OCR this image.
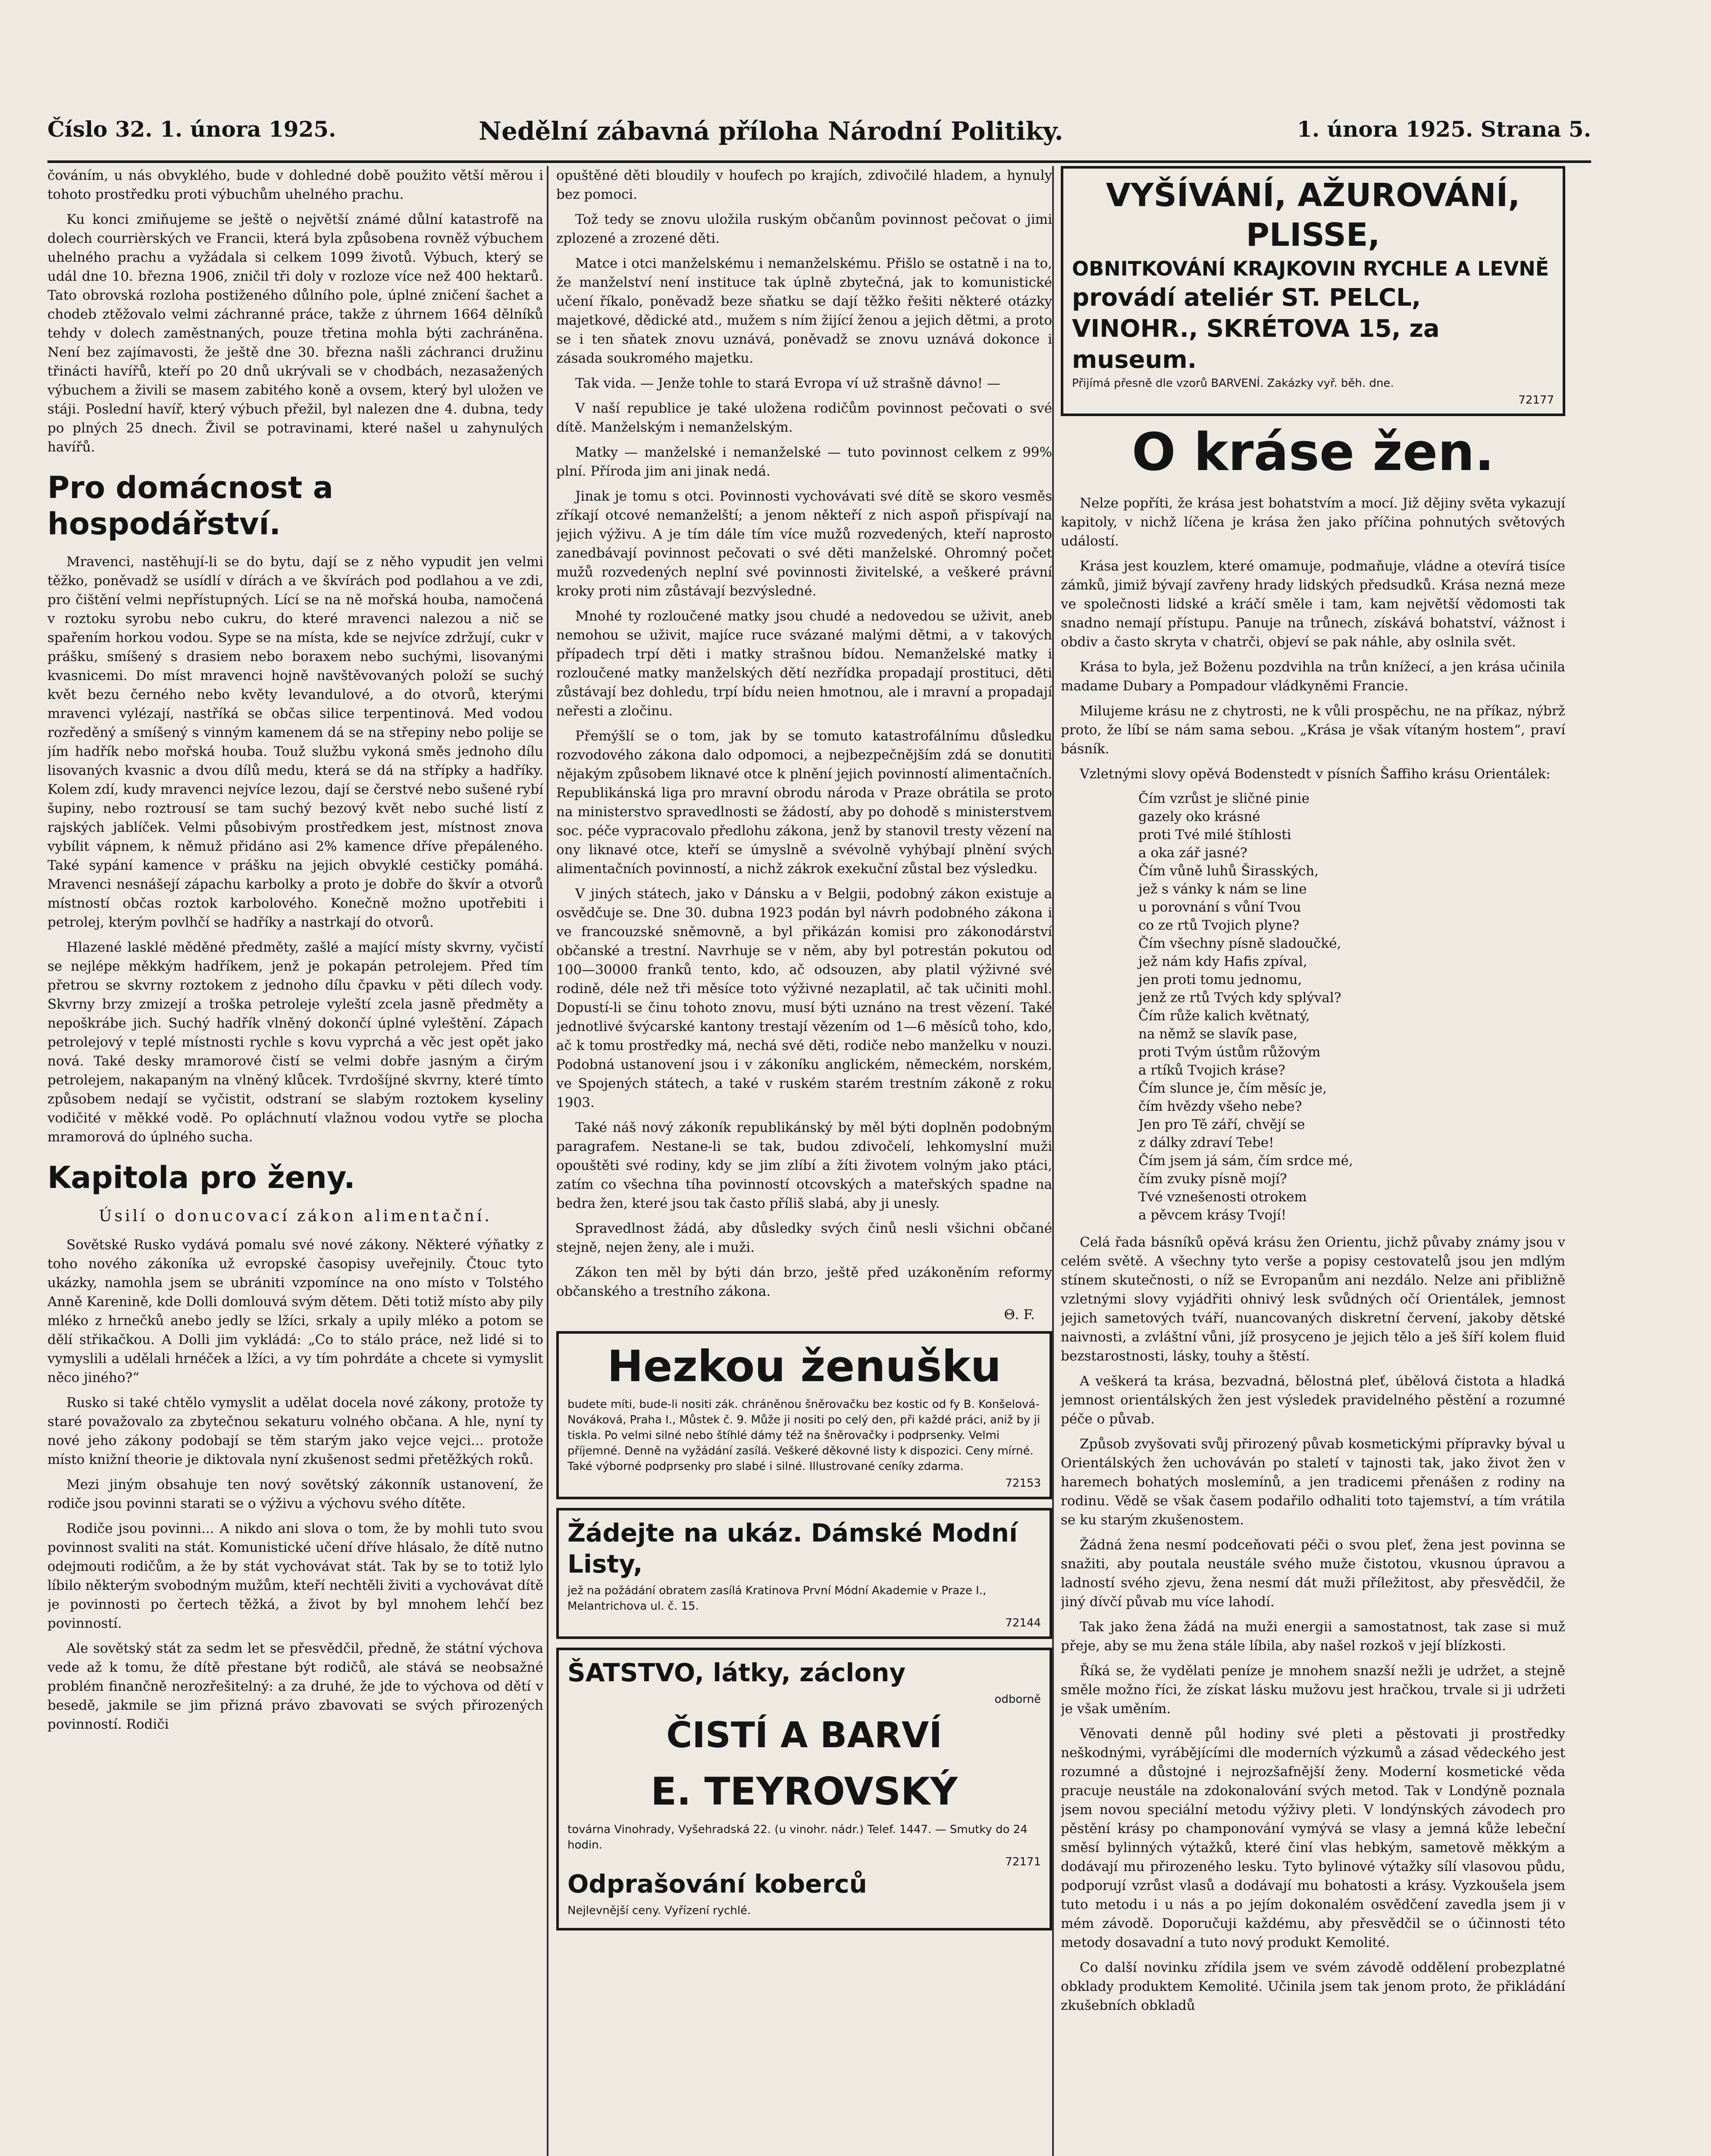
Číslo 32. 1. února 1925.	Nedělní zábavná příloha Národní Politiky.	1. února 1925. Strana 5.

čováním, u nás obvyklého, bude v dohledné době použito větší měrou i tohoto prostředku proti výbuchům uhelného prachu.

Ku konci zmiňujeme se ještě o největší známé důlní katastrofě na dolech courrièrských ve Francii, která byla způsobena rovněž výbuchem uhelného prachu a vyžádala si celkem 1099 životů. Výbuch, který se udál dne 10. března 1906, zničil tři doly v rozloze více než 400 hektarů. Tato obrovská rozloha postiženého důlního pole, úplné zničení šachet a chodeb ztěžovalo velmi záchranné práce, takže z úhrnem 1664 dělníků tehdy v dolech zaměstnaných, pouze třetina mohla býti zachráněna. Není bez zajímavosti, že ještě dne 30. března našli záchranci družinu třinácti havířů, kteří po 20 dnů ukrývali se v chodbách, nezasažených výbuchem a živili se masem zabitého koně a ovsem, který byl uložen ve stáji. Poslední havíř, který výbuch přežil, byl nalezen dne 4. dubna, tedy po plných 25 dnech. Živil se potravinami, které našel u zahynulých havířů.

Pro domácnost a hospodářství.

Mravenci, nastěhují-li se do bytu, dají se z něho vypudit jen velmi těžko, poněvadž se usídlí v dírách a ve škvírách pod podlahou a ve zdi, pro čištění velmi nepřístupných. Lící se na ně mořská houba, namočená v roztoku syrobu nebo cukru, do které mravenci nalezou a nič se spařením horkou vodou. Sype se na místa, kde se nejvíce zdržují, cukr v prášku, smíšený s drasiem nebo boraxem nebo suchými, lisovanými kvasnicemi. Do míst mravenci hojně navštěvovaných položí se suchý květ bezu černého nebo květy levandulové, a do otvorů, kterými mravenci vylézají, nastříká se občas silice terpentinová. Med vodou rozředěný a smíšený s vinným kamenem dá se na střepiny nebo polije se jím hadřík nebo mořská houba. Touž službu vykoná směs jednoho dílu lisovaných kvasnic a dvou dílů medu, která se dá na střípky a hadříky. Kolem zdí, kudy mravenci nejvíce lezou, dají se čerstvé nebo sušené rybí šupiny, nebo roztrousí se tam suchý bezový květ nebo suché listí z rajských jablíček. Velmi působivým prostředkem jest, místnost znova vybílit vápnem, k němuž přidáno asi 2% kamence dříve přepáleného. Také sypání kamence v prášku na jejich obvyklé cestičky pomáhá. Mravenci nesnášejí zápachu karbolky a proto je dobře do škvír a otvorů místností občas roztok karbolového. Konečně možno upotřebiti i petrolej, kterým povlhčí se hadříky a nastrkají do otvorů.

Hlazené lasklé měděné předměty, zašlé a mající místy skvrny, vyčistí se nejlépe měkkým hadříkem, jenž je pokapán petrolejem. Před tím přetrou se skvrny roztokem z jednoho dílu čpavku v pěti dílech vody. Skvrny brzy zmizejí a troška petroleje vyleští zcela jasně předměty a nepoškrábe jich. Suchý hadřík vlněný dokončí úplné vyleštění. Zápach petrolejový v teplé místnosti rychle s kovu vyprchá a věc jest opět jako nová. Také desky mramorové čistí se velmi dobře jasným a čirým petrolejem, nakapaným na vlněný klůcek. Tvrdošíjné skvrny, které tímto způsobem nedají se vyčistit, odstraní se slabým roztokem kyseliny vodičité v měkké vodě. Po opláchnutí vlažnou vodou vytře se plocha mramorová do úplného sucha.

Kapitola pro ženy.
Úsilí o donucovací zákon alimentační.

Sovětské Rusko vydává pomalu své nové zákony. Některé výňatky z toho nového zákoníka už evropské časopisy uveřejnily. Čtouc tyto ukázky, namohla jsem se ubrániti vzpomínce na ono místo v Tolstého Anně Karenině, kde Dolli domlouvá svým dětem. Děti totiž místo aby pily mléko z hrnečků anebo jedly se lžíci, srkaly a upily mléko a potom se dělí střikačkou. A Dolli jim vykládá: „Co to stálo práce, než lidé si to vymyslili a udělali hrnéček a lžíci, a vy tím pohrdáte a chcete si vymyslit něco jiného?“

Rusko si také chtělo vymyslit a udělat docela nové zákony, protože ty staré považovalo za zbytečnou sekaturu volného občana. A hle, nyní ty nové jeho zákony podobají se těm starým jako vejce vejci... protože místo knižní theorie je diktovala nyní zkušenost sedmi přetěžkých roků.

Mezi jiným obsahuje ten nový sovětský zákonník ustanovení, že rodiče jsou povinni starati se o výživu a výchovu svého dítěte.

Rodiče jsou povinni... A nikdo ani slova o tom, že by mohli tuto svou povinnost svaliti na stát. Komunistické učení dříve hlásalo, že dítě nutno odejmouti rodičům, a že by stát vychovávat stát. Tak by se to totiž lylo líbilo některým svobodným mužům, kteří nechtěli živiti a vychovávat dítě je povinnosti po čertech těžká, a život by byl mnohem lehčí bez povinností.

Ale sovětský stát za sedm let se přesvědčil, předně, že státní výchova vede až k tomu, že dítě přestane být rodičů, ale stává se neobsažné problém finančně nerozřešitelný: a za druhé, že jde to výchova od dětí v besedě, jakmile se jim přizná právo zbavovati se svých přirozených povinností. Rodiči

opuštěné děti bloudily v houfech po krajích, zdivočilé hladem, a hynuly bez pomoci.

Tož tedy se znovu uložila ruským občanům povinnost pečovat o jimi zplozené a zrozené děti.

Matce i otci manželskému i nemanželskému. Přišlo se ostatně i na to, že manželství není instituce tak úplně zbytečná, jak to komunistické učení říkalo, poněvadž beze sňatku se dají těžko řešiti některé otázky majetkové, dědické atd., mužem s ním žijící ženou a jejich dětmi, a proto se i ten sňatek znovu uznává, poněvadž se znovu uznává dokonce i zásada soukromého majetku.

Tak vida. — Jenže tohle to stará Evropa ví už strašně dávno! —

V naší republice je také uložena rodičům povinnost pečovati o své dítě. Manželským i nemanželským.

Matky — manželské i nemanželské — tuto povinnost celkem z 99% plní. Příroda jim ani jinak nedá.

Jinak je tomu s otci. Povinnosti vychovávati své dítě se skoro vesměs zříkají otcové nemanželští; a jenom někteří z nich aspoň přispívají na jejich výživu. A je tím dále tím více mužů rozvedených, kteří naprosto zanedbávají povinnost pečovati o své děti manželské. Ohromný počet mužů rozvedených neplní své povinnosti živitelské, a veškeré právní kroky proti nim zůstávají bezvýsledné.

Mnohé ty rozloučené matky jsou chudé a nedovedou se uživit, aneb nemohou se uživit, majíce ruce svázané malými dětmi, a v takových případech trpí děti i matky strašnou bídou. Nemanželské matky i rozloučené matky manželských dětí nezřídka propadají prostituci, děti zůstávají bez dohledu, trpí bídu neien hmotnou, ale i mravní a propadají neřesti a zločinu.

Přemýšlí se o tom, jak by se tomuto katastrofálnímu důsledku rozvodového zákona dalo odpomoci, a nejbezpečnějším zdá se donutiti nějakým způsobem liknavé otce k plnění jejich povinností alimentačních. Republikánská liga pro mravní obrodu národa v Praze obrátila se proto na ministerstvo spravedlnosti se žádostí, aby po dohodě s ministerstvem soc. péče vypracovalo předlohu zákona, jenž by stanovil tresty vězení na ony liknavé otce, kteří se úmyslně a svévolně vyhýbají plnění svých alimentačních povinností, a nichž zákrok exekuční zůstal bez výsledku.

V jiných státech, jako v Dánsku a v Belgii, podobný zákon existuje a osvědčuje se. Dne 30. dubna 1923 podán byl návrh podobného zákona i ve francouzské sněmovně, a byl přikázán komisi pro zákonodárství občanské a trestní. Navrhuje se v něm, aby byl potrestán pokutou od 100—30000 franků tento, kdo, ač odsouzen, aby platil výživné své rodině, déle než tři měsíce toto výživné nezaplatil, ač tak učiniti mohl. Dopustí-li se činu tohoto znovu, musí býti uznáno na trest vězení. Také jednotlivé švýcarské kantony trestají vězením od 1—6 měsíců toho, kdo, ač k tomu prostředky má, nechá své děti, rodiče nebo manželku v nouzi. Podobná ustanovení jsou i v zákoníku anglickém, německém, norském, ve Spojených státech, a také v ruském starém trestním zákoně z roku 1903.

Také náš nový zákoník republikánský by měl býti doplněn podobným paragrafem. Nestane-li se tak, budou zdivočelí, lehkomyslní muži opouštěti své rodiny, kdy se jim zlíbí a žíti životem volným jako ptáci, zatím co všechna tíha povinností otcovských a mateřských spadne na bedra žen, které jsou tak často příliš slabá, aby ji unesly.

Spravedlnost žádá, aby důsledky svých činů nesli všichni občané stejně, nejen ženy, ale i muži.

Zákon ten měl by býti dán brzo, ještě před uzákoněním reformy občanského a trestního zákona.

Θ. F.
Hezkou ženušku
budete míti, bude-li nositi zák. chráněnou šněrovačku bez kostic od fy B. Konšelová-Nováková, Praha I., Můstek č. 9. Může ji nositi po celý den, při každé práci, aniž by ji tiskla. Po velmi silné nebo štíhlé dámy též na šněrovačky i podprsenky. Velmi příjemné. Denně na vyžádání zasílá. Veškeré děkovné listy k dispozici. Ceny mírné. Také výborné podprsenky pro slabé i silné. Illustrované ceníky zdarma.
72153
Žádejte na ukáz. Dámské Modní Listy,
jež na požádání obratem zasílá Kratinova První Módní Akademie v Praze I., Melantrichova ul. č. 15.
72144
ŠATSTVO, látky, záclony
odborně
ČISTÍ A BARVÍ
E. TEYROVSKÝ
továrna Vinohrady, Vyšehradská 22. (u vinohr. nádr.) Telef. 1447. — Smutky do 24 hodin.
72171
Odprašování koberců
Nejlevnější ceny. Vyřízení rychlé.
VYŠÍVÁNÍ, AŽUROVÁNÍ, PLISSE,
OBNITKOVÁNÍ KRAJKOVIN RYCHLE A LEVNĚ
provádí ateliér ST. PELCL, VINOHR., SKRÉTOVA 15, za museum.
Přijímá přesně dle vzorů BARVENÍ. Zakázky vyř. běh. dne.
72177
O kráse žen.

Nelze popříti, že krása jest bohatstvím a mocí. Již dějiny světa vykazují kapitoly, v nichž líčena je krása žen jako příčina pohnutých světových událostí.

Krása jest kouzlem, které omamuje, podmaňuje, vládne a otevírá tisíce zámků, jimiž bývají zavřeny hrady lidských předsudků. Krása nezná meze ve společnosti lidské a kráčí směle i tam, kam největší vědomosti tak snadno nemají přístupu. Panuje na trůnech, získává bohatství, vážnost i obdiv a často skryta v chatrči, objeví se pak náhle, aby oslnila svět.

Krása to byla, jež Boženu pozdvihla na trůn knížecí, a jen krása učinila madame Dubary a Pompadour vládkyněmi Francie.

Milujeme krásu ne z chytrosti, ne k vůli prospěchu, ne na příkaz, nýbrž proto, že líbí se nám sama sebou. „Krása je však vítaným hostem“, praví básník.

Vzletnými slovy opěvá Bodenstedt v písních Šaffiho krásu Orientálek:

Čím vzrůst je sličné pinie
gazely oko krásné
proti Tvé milé štíhlosti
a oka zář jasné?
Čím vůně luhů Širasských,
jež s vánky k nám se line
u porovnání s vůní Tvou
co ze rtů Tvojich plyne?
Čím všechny písně sladoučké,
jež nám kdy Hafis zpíval,
jen proti tomu jednomu,
jenž ze rtů Tvých kdy splýval?
Čím růže kalich květnatý,
na němž se slavík pase,
proti Tvým ústům růžovým
a rtíků Tvojich kráse?
Čím slunce je, čím měsíc je,
čím hvězdy všeho nebe?
Jen pro Tě září, chvějí se
z dálky zdraví Tebe!
Čím jsem já sám, čím srdce mé,
čím zvuky písně mojí?
Tvé vznešenosti otrokem
a pěvcem krásy Tvojí!

Celá řada básníků opěvá krásu žen Orientu, jichž půvaby známy jsou v celém světě. A všechny tyto verše a popisy cestovatelů jsou jen mdlým stínem skutečnosti, o níž se Evropanům ani nezdálo. Nelze ani přibližně vzletnými slovy vyjádřiti ohnivý lesk svůdných očí Orientálek, jemnost jejich sametových tváří, nuancovaných diskretní červení, jakoby dětské naivnosti, a zvláštní vůni, jíž prosyceno je jejich tělo a ješ šíří kolem fluid bezstarostnosti, lásky, touhy a štěstí.

A veškerá ta krása, bezvadná, bělostná pleť, úbělová čistota a hladká jemnost orientálských žen jest výsledek pravidelného pěstění a rozumné péče o půvab.

Způsob zvyšovati svůj přirozený půvab kosmetickými přípravky býval u Orientálských žen uchováván po staletí v tajnosti tak, jako život žen v haremech bohatých moslemínů, a jen tradicemi přenášen z rodiny na rodinu. Vědě se však časem podařilo odhaliti toto tajemství, a tím vrátila se ku starým zkušenostem.

Žádná žena nesmí podceňovati péči o svou pleť, žena jest povinna se snažiti, aby poutala neustále svého muže čistotou, vkusnou úpravou a ladností svého zjevu, žena nesmí dát muži příležitost, aby přesvědčil, že jiný dívčí půvab mu více lahodí.

Tak jako žena žádá na muži energii a samostatnost, tak zase si muž přeje, aby se mu žena stále líbila, aby našel rozkoš v její blízkosti.

Říká se, že vydělati peníze je mnohem snazší nežli je udržet, a stejně směle možno říci, že získat lásku mužovu jest hračkou, trvale si ji udržeti je však uměním.

Věnovati denně půl hodiny své pleti a pěstovati ji prostředky neškodnými, vyrábějícími dle moderních výzkumů a zásad vědeckého jest rozumné a důstojné i nejrozšafnější ženy. Moderní kosmetické věda pracuje neustále na zdokonalování svých metod. Tak v Londýně poznala jsem novou speciální metodu výživy pleti. V londýnských závodech pro pěstění krásy po champonování vymývá se vlasy a jemná kůže lebeční směsí bylinných výtažků, které činí vlas hebkým, sametově měkkým a dodávají mu přirozeného lesku. Tyto bylinové výtažky sílí vlasovou půdu, podporují vzrůst vlasů a dodávají mu bohatosti a krásy. Vyzkoušela jsem tuto metodu i u nás a po jejím dokonalém osvědčení zavedla jsem ji v mém závodě. Doporučuji každému, aby přesvědčil se o účinnosti této metody dosavadní a tuto nový produkt Kemolité.

Co další novinku zřídila jsem ve svém závodě oddělení probezplatné obklady produktem Kemolité. Učinila jsem tak jenom proto, že přikládání zkušebních obkladů
